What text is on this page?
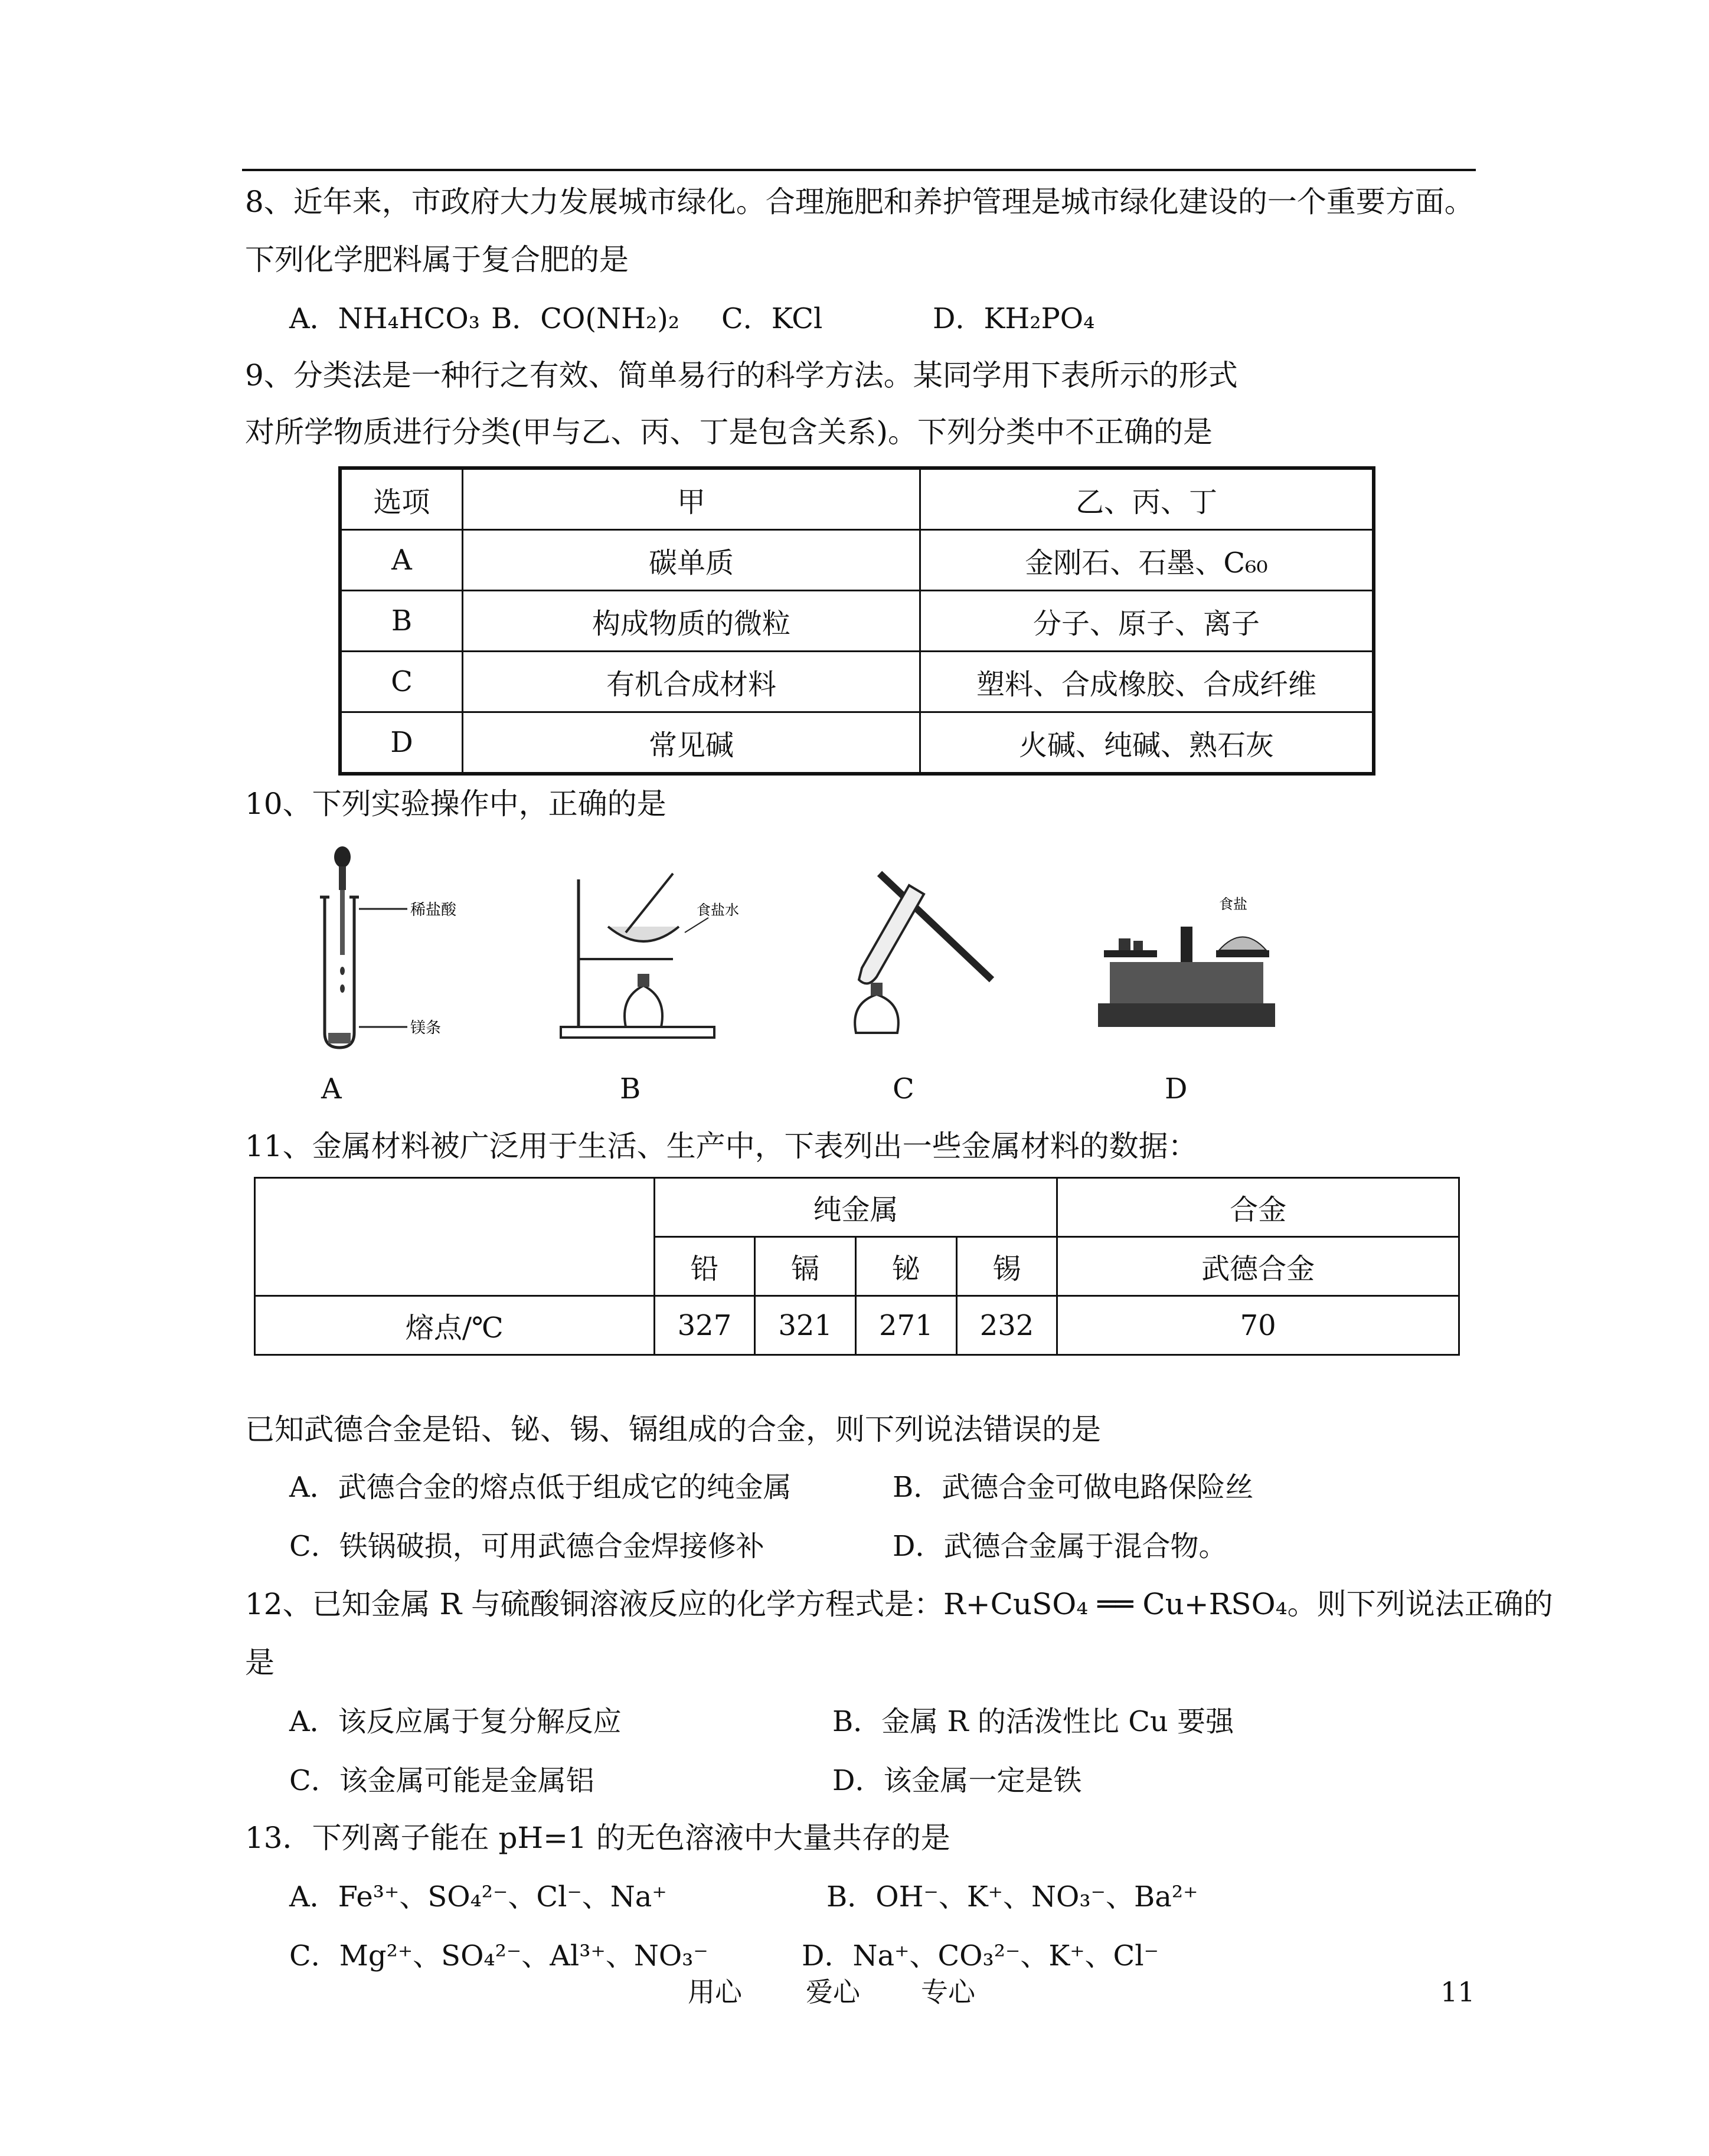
8、近年来，市政府大力发展城市绿化。合理施肥和养护管理是城市绿化建设的一个重要方面。
下列化学肥料属于复合肥的是
A．NH₄HCO₃ B．CO(NH₂)₂ C．KCl	D．KH₂PO₄
9、分类法是一种行之有效、简单易行的科学方法。某同学用下表所示的形式
对所学物质进行分类(甲与乙、丙、丁是包含关系)。下列分类中不正确的是
选项	甲	乙、丙、丁
A	碳单质	金刚石、石墨、C₆₀
B	构成物质的微粒	分子、原子、离子
C	有机合成材料	塑料、合成橡胶、合成纤维
D	常见碱	火碱、纯碱、熟石灰
10、下列实验操作中，正确的是
稀盐酸
镁条
食盐水	食盐
A	B	C	D
11、金属材料被广泛用于生活、生产中，下表列出一些金属材料的数据：
	纯金属				合金
	铅	镉	铋	锡	武德合金
熔点/℃	327	321	271	232	70
已知武德合金是铅、铋、锡、镉组成的合金，则下列说法错误的是
A．武德合金的熔点低于组成它的纯金属	B．武德合金可做电路保险丝
C．铁锅破损，可用武德合金焊接修补	D．武德合金属于混合物。
12、已知金属 R 与硫酸铜溶液反应的化学方程式是：R+CuSO₄ ══ Cu+RSO₄。则下列说法正确的
是
A．该反应属于复分解反应	B．金属 R 的活泼性比 Cu 要强
C．该金属可能是金属铝	D．该金属一定是铁
13．下列离子能在 pH=1 的无色溶液中大量共存的是
A．Fe³⁺、SO₄²⁻、Cl⁻、Na⁺	B．OH⁻、K⁺、NO₃⁻、Ba²⁺
C．Mg²⁺、SO₄²⁻、Al³⁺、NO₃⁻	D．Na⁺、CO₃²⁻、K⁺、Cl⁻
用心 爱心 专心	11
